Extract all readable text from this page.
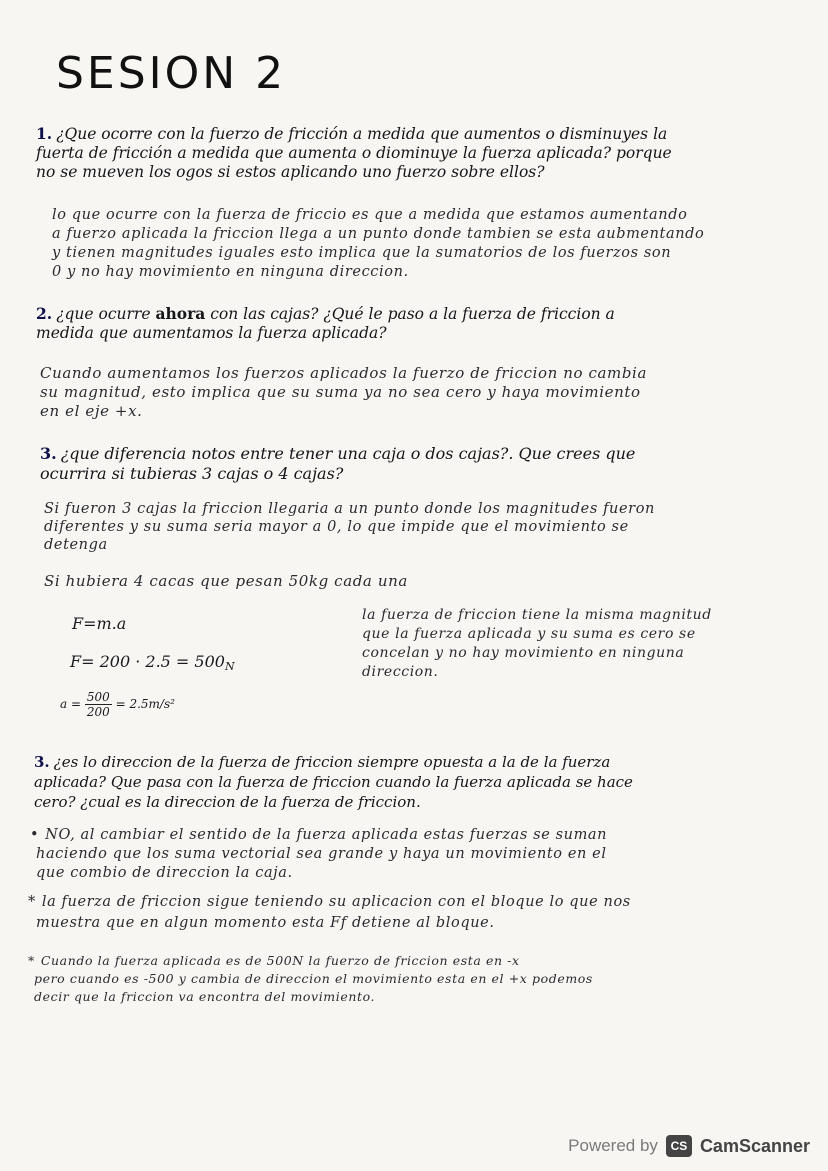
SESION 2
1. ¿Que ocorre con la fuerzo de fricción a medida que aumentos o disminuyes la
fuerta de fricción a medida que aumenta o diominuye la fuerza aplicada? porque
no se mueven los ogos si estos aplicando uno fuerzo sobre ellos?
lo que ocurre con la fuerza de friccio es que a medida que estamos aumentando
a fuerzo aplicada la friccion llega a un punto donde tambien se esta aubmentando
y tienen magnitudes iguales esto implica que la sumatorios de los fuerzos son
0 y no hay movimiento en ninguna direccion.
2. ¿que ocurre ahora con las cajas? ¿Qué le paso a la fuerza de friccion a
medida que aumentamos la fuerza aplicada?
Cuando aumentamos los fuerzos aplicados la fuerzo de friccion no cambia
su magnitud, esto implica que su suma ya no sea cero y haya movimiento
en el eje +x.
3. ¿que diferencia notos entre tener una caja o dos cajas?. Que crees que
ocurrira si tubieras 3 cajas o 4 cajas?
Si fueron 3 cajas la friccion llegaria a un punto donde los magnitudes fueron
diferentes y su suma seria mayor a 0, lo que impide que el movimiento se
detenga
Si hubiera 4 cacas que pesan 50kg cada una
F=m.a
$F= 200 \cdot 2.5 = 500_N$
$a = \frac{500}{200} = 2.5m/s^2$
la fuerza de friccion tiene la misma magnitud
que la fuerza aplicada y su suma es cero se
concelan y no hay movimiento en ninguna
direccion.
3. ¿es lo direccion de la fuerza de friccion siempre opuesta a la de la fuerza
aplicada? Que pasa con la fuerza de friccion cuando la fuerza aplicada se hace
cero? ¿cual es la direccion de la fuerza de friccion.
• NO, al cambiar el sentido de la fuerza aplicada estas fuerzas se suman
haciendo que los suma vectorial sea grande y haya un movimiento en el
que combio de direccion la caja.
* la fuerza de friccion sigue teniendo su aplicacion con el bloque lo que nos
muestra que en algun momento esta Ff detiene al bloque.
* Cuando la fuerza aplicada es de 500N la fuerzo de friccion esta en -x
pero cuando es -500 y cambia de direccion el movimiento esta en el +x podemos
decir que la friccion va encontra del movimiento.
Powered by	CS CamScanner
